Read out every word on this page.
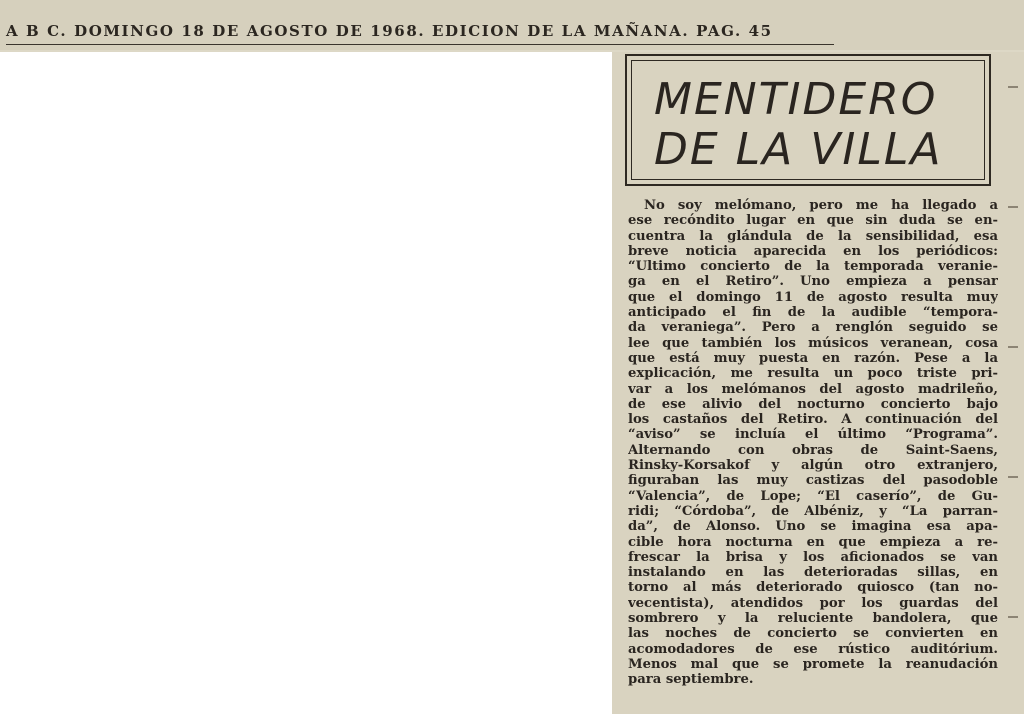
A B C. DOMINGO 18 DE AGOSTO DE 1968. EDICION DE LA MAÑANA. PAG. 45
MENTIDERO
DE LA VILLA
No soy melómano, pero me ha llegado a
ese recóndito lugar en que sin duda se en-
cuentra la glándula de la sensibilidad, esa
breve noticia aparecida en los periódicos:
“Ultimo concierto de la temporada veranie-
ga en el Retiro”. Uno empieza a pensar
que el domingo 11 de agosto resulta muy
anticipado el fin de la audible “tempora-
da veraniega”. Pero a renglón seguido se
lee que también los músicos veranean, cosa
que está muy puesta en razón. Pese a la
explicación, me resulta un poco triste pri-
var a los melómanos del agosto madrileño,
de ese alivio del nocturno concierto bajo
los castaños del Retiro. A continuación del
“aviso” se incluía el último “Programa”.
Alternando con obras de Saint-Saens,
Rinsky-Korsakof y algún otro extranjero,
figuraban las muy castizas del pasodoble
“Valencia”, de Lope; “El caserío”, de Gu-
ridi; “Córdoba”, de Albéniz, y “La parran-
da”, de Alonso. Uno se imagina esa apa-
cible hora nocturna en que empieza a re-
frescar la brisa y los aficionados se van
instalando en las deterioradas sillas, en
torno al más deteriorado quiosco (tan no-
vecentista), atendidos por los guardas del
sombrero y la reluciente bandolera, que
las noches de concierto se convierten en
acomodadores de ese rústico auditórium.
Menos mal que se promete la reanudación
para septiembre.
